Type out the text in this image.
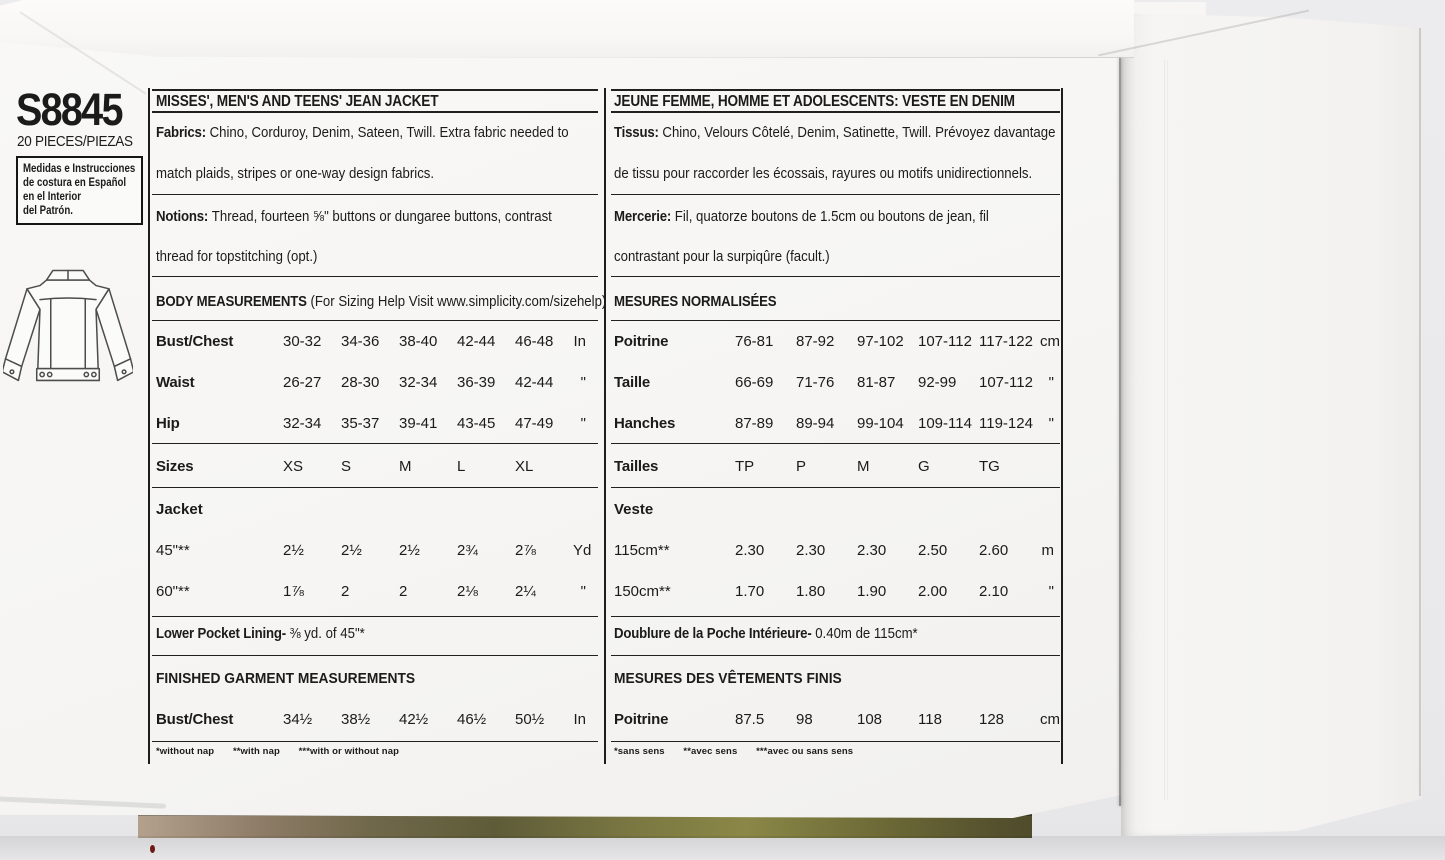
S8845
20 PIECES/PIEZAS
Medidas e Instrucciones
de costura en Español
en el Interior
del Patrón.
MISSES', MEN'S AND TEENS' JEAN JACKET
Fabrics: Chino, Corduroy, Denim, Sateen, Twill. Extra fabric needed to
match plaids, stripes or one-way design fabrics.
Notions: Thread, fourteen ⅝" buttons or dungaree buttons, contrast
thread for topstitching (opt.)
BODY MEASUREMENTS (For Sizing Help Visit www.simplicity.com/sizehelp)
Bust/Chest	30-32	34-36	38-40	42-44	46-48	In
Waist	26-27	28-30	32-34	36-39	42-44	"
Hip	32-34	35-37	39-41	43-45	47-49	"
Sizes	XS	S	M	L	XL
Jacket
45"**	2½	2½	2½	2¾	2⅞	Yd
60"**	1⅞	2	2	2⅛	2¼	"
Lower Pocket Lining- ⅜ yd. of 45"*
FINISHED GARMENT MEASUREMENTS
Bust/Chest	34½	38½	42½	46½	50½	In
*without nap **with nap ***with or without nap
JEUNE FEMME, HOMME ET ADOLESCENTS: VESTE EN DENIM
Tissus: Chino, Velours Côtelé, Denim, Satinette, Twill. Prévoyez davantage
de tissu pour raccorder les écossais, rayures ou motifs unidirectionnels.
Mercerie: Fil, quatorze boutons de 1.5cm ou boutons de jean, fil
contrastant pour la surpiqûre (facult.)
MESURES NORMALISÉES
Poitrine	76-81	87-92	97-102 107-112 117-122 cm
Taille	66-69	71-76	81-87	92-99	107-112	"
Hanches	87-89	89-94	99-104 109-114 119-124	"
Tailles	TP	P	M	G	TG
Veste
115cm**	2.30	2.30	2.30	2.50	2.60	m
150cm**	1.70	1.80	1.90	2.00	2.10	"
Doublure de la Poche Intérieure- 0.40m de 115cm*
MESURES DES VÊTEMENTS FINIS
Poitrine	87.5	98	108	118	128	cm
*sans sens **avec sens ***avec ou sans sens
